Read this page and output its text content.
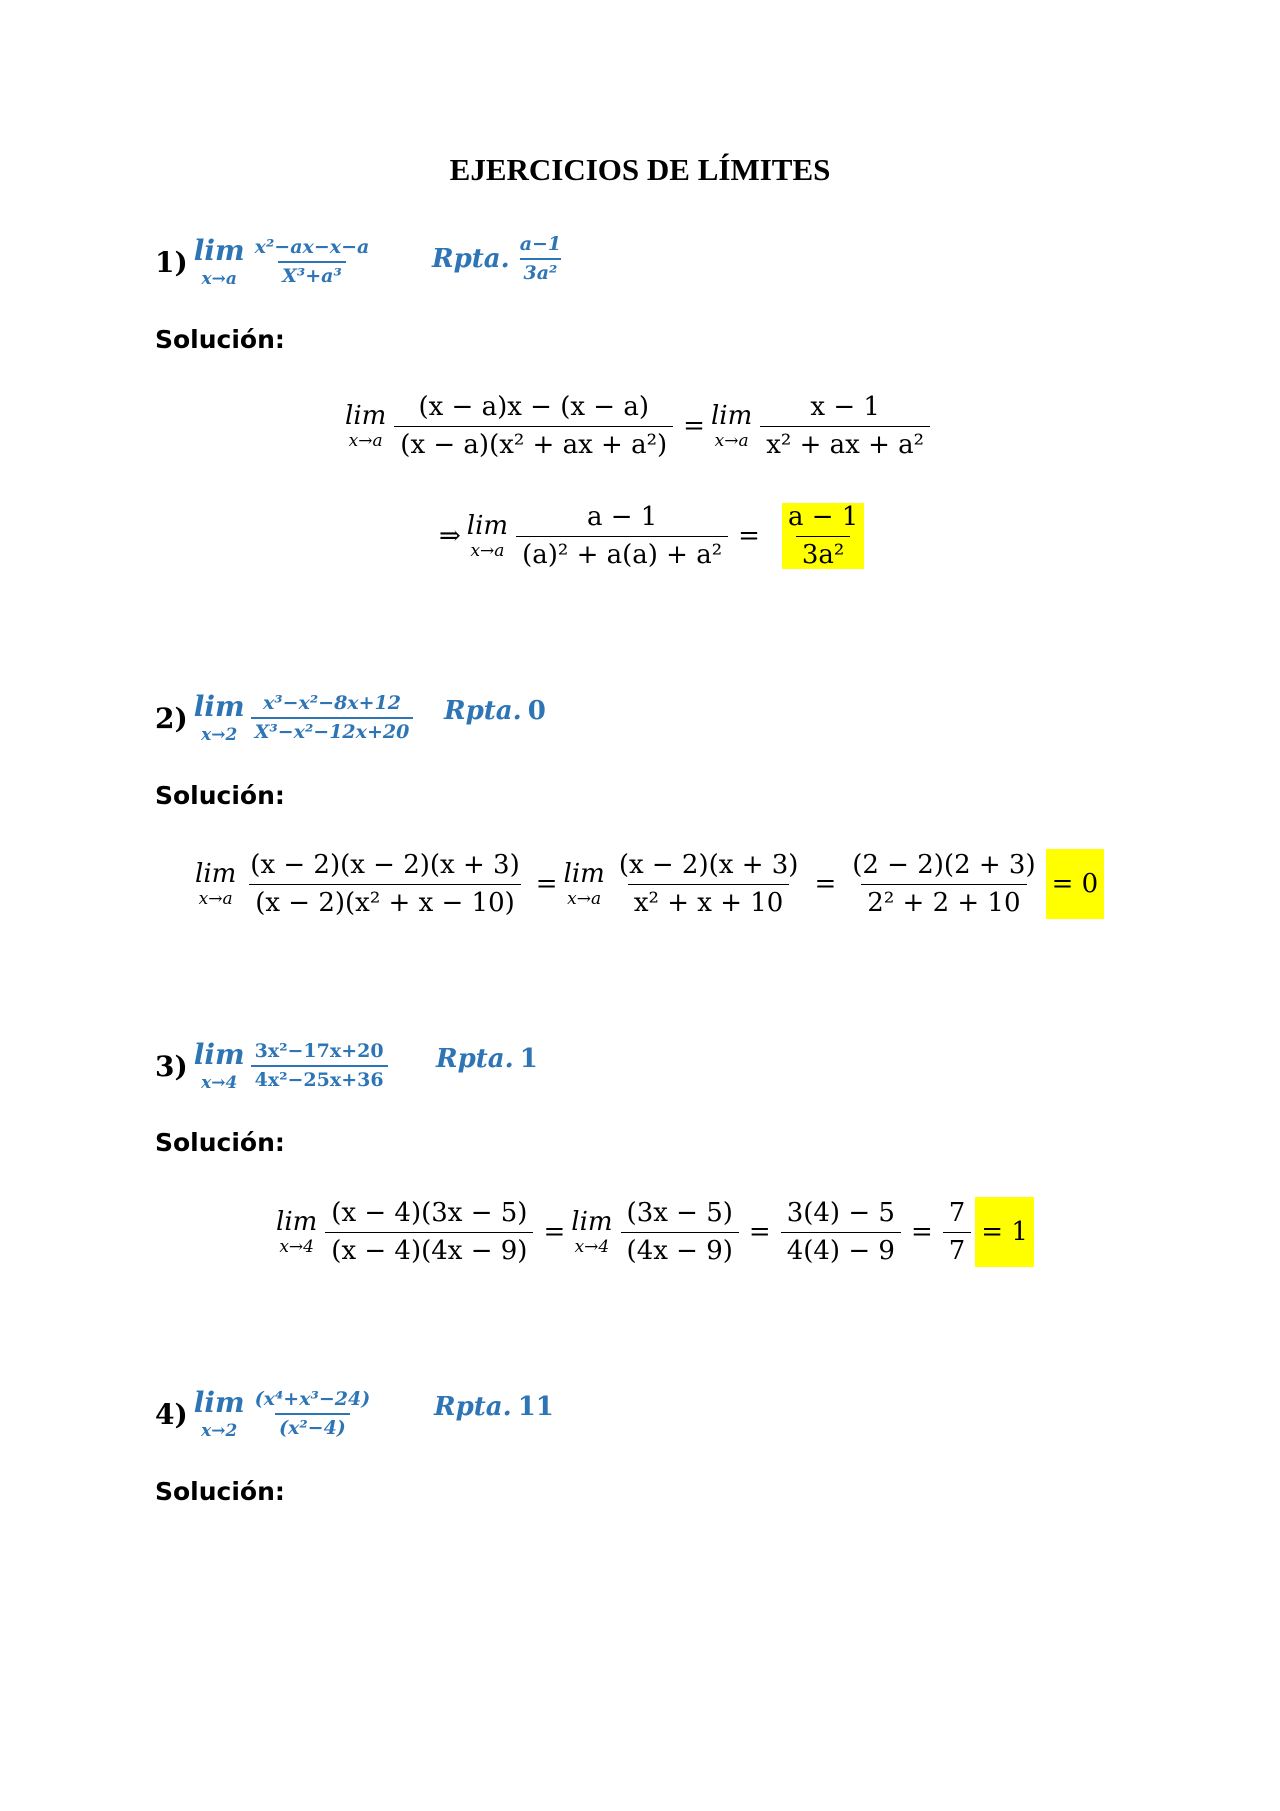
EJERCICIOS DE LÍMITES
1) lim
$x\to a \frac{\text{x²−ax−x−a}}{\text{X³+a³}}$ Rpta. $\frac{a-1}{\text{3a²}}$
Solución:
lim
$x\to a \frac{(x - a)x - (x - a)}{\text{(x − a)(x² + ax + a²)}} = \lim$
x→a
x − 1
x² + ax + a²
⇒ lim
$x\to a \frac{a - 1}{\text{(a)² + a(a) + a²}} = \frac{a - 1}{\text{3a²}}$
2) lim
$x\to 2 \frac{\text{x³−x²−8x+12}}{\text{X³−x²−12x+20}}$ Rpta. 0
Solución:
lim
$x\to a \frac{(x - 2)(x - 2)(x + 3)}{\text{(x − 2)(x² + x − 10)}} = \lim$
$x\to a \frac{(x - 2)(x + 3)}{\text{x² + x + 10}} = \frac{(2 - 2)(2 + 3)}{\text{2² + 2 + 10}} = 0$
3) lim
$x\to 4 \frac{\text{3x²−17x+20}}{\text{4x²−25x+36}}$ Rpta. 1
Solución:
lim
$x\to 4 \frac{(x - 4)(3x - 5)}{(x - 4)(4x - 9)} = \lim$
$x\to 4 \frac{(3x - 5)}{(4x - 9)} = \frac{3(4) - 5}{4(4) - 9} = \frac{7}{7} = 1$
4) lim
$x\to 2 \frac{\text{(x⁴+x³−24)}}{\text{(x²−4)}}$ Rpta. 11
Solución:
